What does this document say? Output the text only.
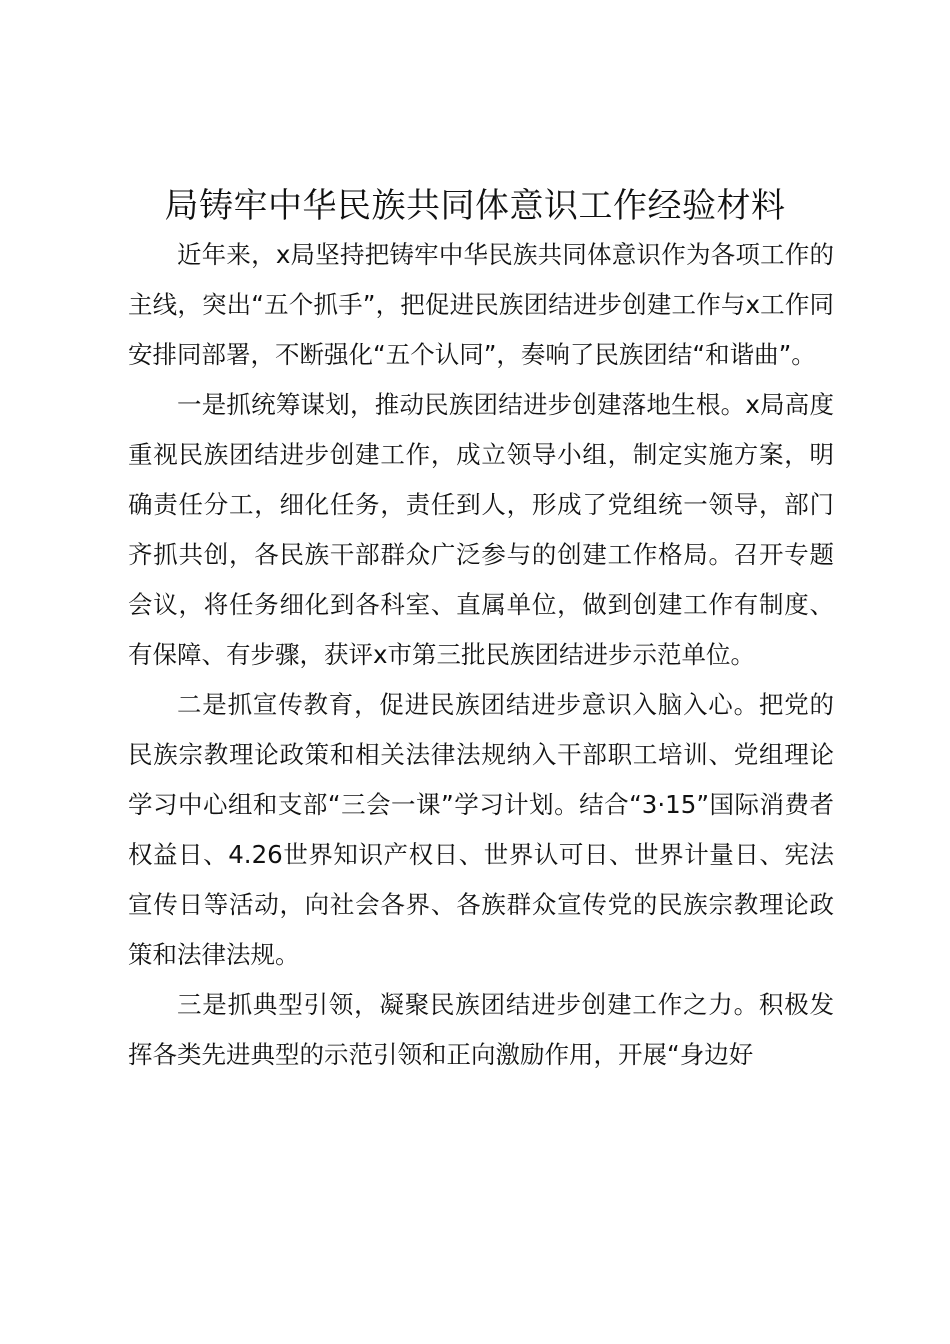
局铸牢中华民族共同体意识工作经验材料

近年来，x局坚持把铸牢中华民族共同体意识作为各项工作的主线，突出“五个抓手”，把促进民族团结进步创建工作与x工作同安排同部署，不断强化“五个认同”，奏响了民族团结“和谐曲”。

一是抓统筹谋划，推动民族团结进步创建落地生根。x局高度重视民族团结进步创建工作，成立领导小组，制定实施方案，明确责任分工，细化任务，责任到人，形成了党组统一领导，部门齐抓共创，各民族干部群众广泛参与的创建工作格局。召开专题会议，将任务细化到各科室、直属单位，做到创建工作有制度、有保障、有步骤，获评x市第三批民族团结进步示范单位。

二是抓宣传教育，促进民族团结进步意识入脑入心。把党的民族宗教理论政策和相关法律法规纳入干部职工培训、党组理论学习中心组和支部“三会一课”学习计划。结合“3·15”国际消费者权益日、4.26世界知识产权日、世界认可日、世界计量日、宪法宣传日等活动，向社会各界、各族群众宣传党的民族宗教理论政策和法律法规。

三是抓典型引领，凝聚民族团结进步创建工作之力。积极发挥各类先进典型的示范引领和正向激励作用，开展“身边好
